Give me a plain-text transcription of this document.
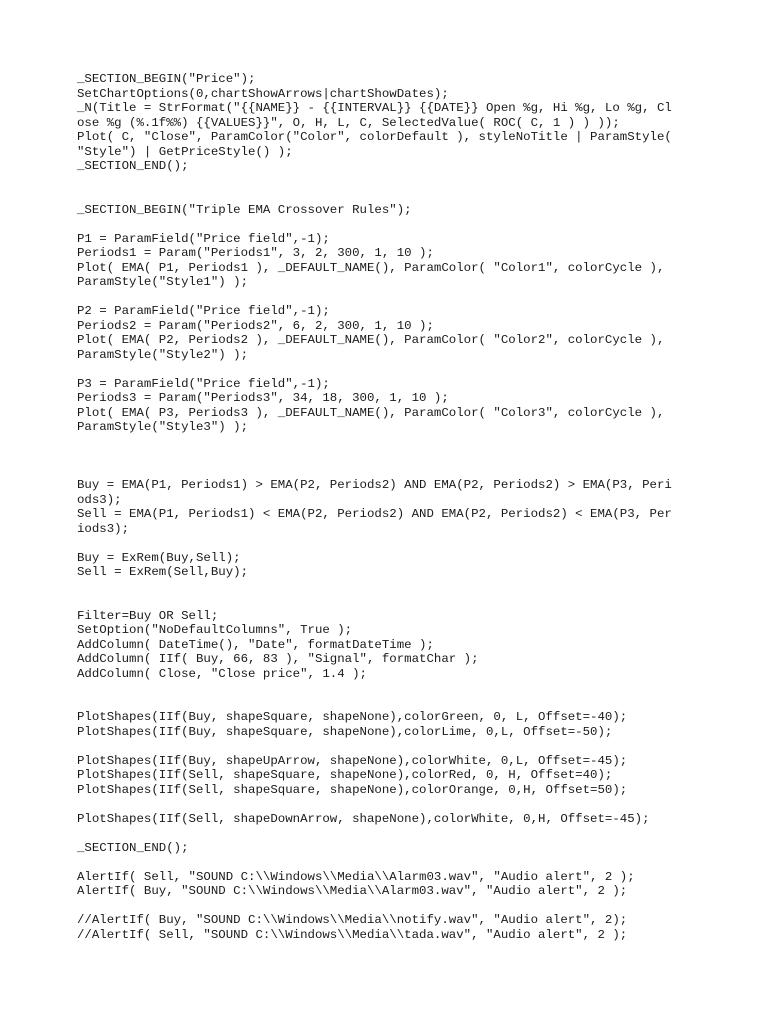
_SECTION_BEGIN("Price");
SetChartOptions(0,chartShowArrows|chartShowDates);
_N(Title = StrFormat("{{NAME}} - {{INTERVAL}} {{DATE}} Open %g, Hi %g, Lo %g, Cl
ose %g (%.1f%%) {{VALUES}}", O, H, L, C, SelectedValue( ROC( C, 1 ) ) ));
Plot( C, "Close", ParamColor("Color", colorDefault ), styleNoTitle | ParamStyle(
"Style") | GetPriceStyle() );
_SECTION_END();
_SECTION_BEGIN("Triple EMA Crossover Rules");
P1 = ParamField("Price field",-1);
Periods1 = Param("Periods1", 3, 2, 300, 1, 10 );
Plot( EMA( P1, Periods1 ), _DEFAULT_NAME(), ParamColor( "Color1", colorCycle ),
ParamStyle("Style1") );
P2 = ParamField("Price field",-1);
Periods2 = Param("Periods2", 6, 2, 300, 1, 10 );
Plot( EMA( P2, Periods2 ), _DEFAULT_NAME(), ParamColor( "Color2", colorCycle ),
ParamStyle("Style2") );
P3 = ParamField("Price field",-1);
Periods3 = Param("Periods3", 34, 18, 300, 1, 10 );
Plot( EMA( P3, Periods3 ), _DEFAULT_NAME(), ParamColor( "Color3", colorCycle ),
ParamStyle("Style3") );
Buy = EMA(P1, Periods1) > EMA(P2, Periods2) AND EMA(P2, Periods2) > EMA(P3, Peri
ods3);
Sell = EMA(P1, Periods1) < EMA(P2, Periods2) AND EMA(P2, Periods2) < EMA(P3, Per
iods3);
Buy = ExRem(Buy,Sell);
Sell = ExRem(Sell,Buy);
Filter=Buy OR Sell;
SetOption("NoDefaultColumns", True );
AddColumn( DateTime(), "Date", formatDateTime );
AddColumn( IIf( Buy, 66, 83 ), "Signal", formatChar );
AddColumn( Close, "Close price", 1.4 );
PlotShapes(IIf(Buy, shapeSquare, shapeNone),colorGreen, 0, L, Offset=-40);
PlotShapes(IIf(Buy, shapeSquare, shapeNone),colorLime, 0,L, Offset=-50);
PlotShapes(IIf(Buy, shapeUpArrow, shapeNone),colorWhite, 0,L, Offset=-45);
PlotShapes(IIf(Sell, shapeSquare, shapeNone),colorRed, 0, H, Offset=40);
PlotShapes(IIf(Sell, shapeSquare, shapeNone),colorOrange, 0,H, Offset=50);
PlotShapes(IIf(Sell, shapeDownArrow, shapeNone),colorWhite, 0,H, Offset=-45);
_SECTION_END();
AlertIf( Sell, "SOUND C:\\Windows\\Media\\Alarm03.wav", "Audio alert", 2 );
AlertIf( Buy, "SOUND C:\\Windows\\Media\\Alarm03.wav", "Audio alert", 2 );
//AlertIf( Buy, "SOUND C:\\Windows\\Media\\notify.wav", "Audio alert", 2);
//AlertIf( Sell, "SOUND C:\\Windows\\Media\\tada.wav", "Audio alert", 2 );
